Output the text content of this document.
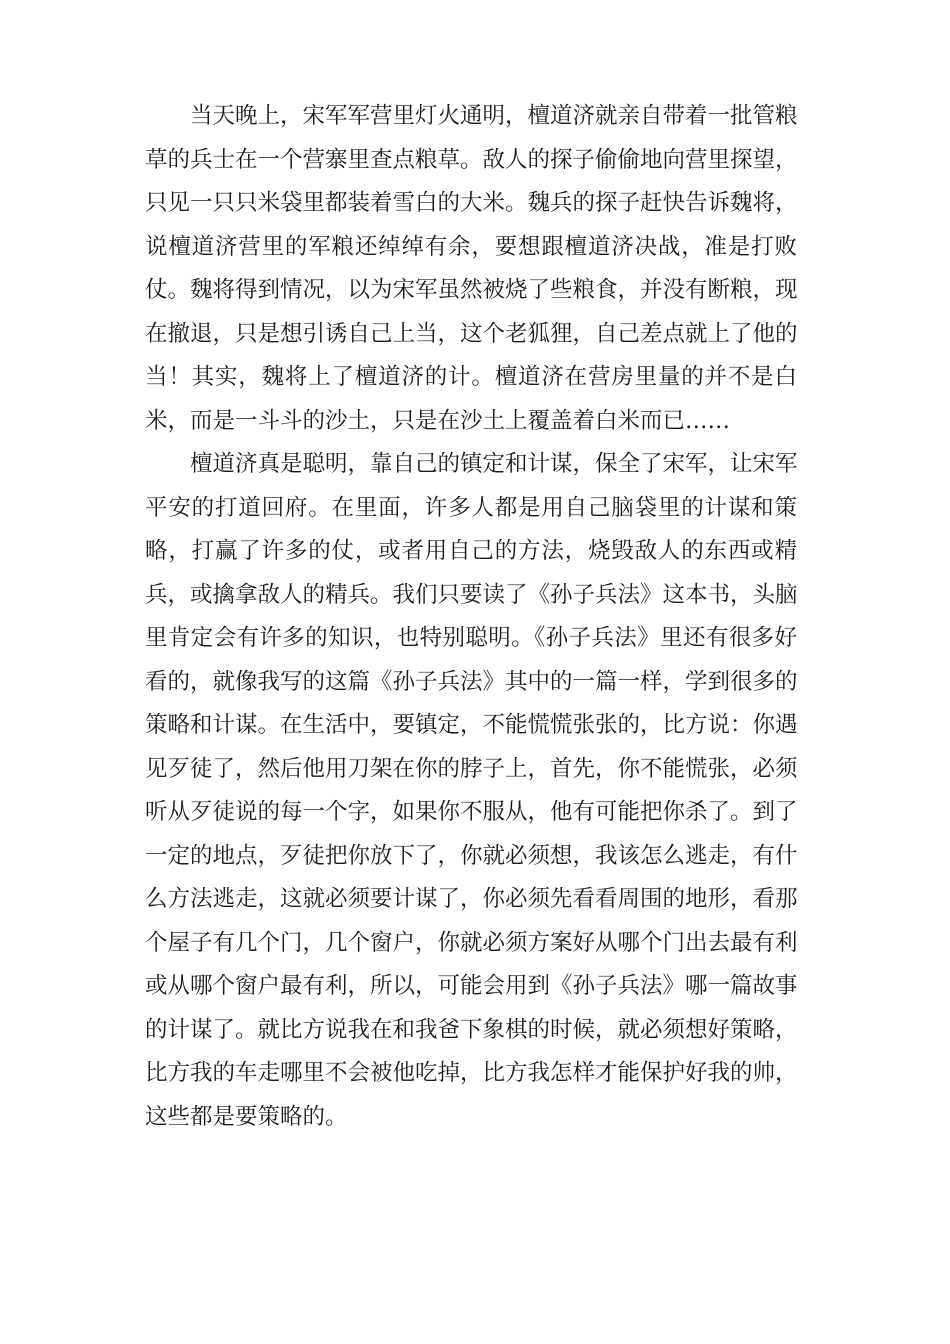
当天晚上，宋军军营里灯火通明，檀道济就亲自带着一批管粮
草的兵士在一个营寨里查点粮草。敌人的探子偷偷地向营里探望，
只见一只只米袋里都装着雪白的大米。魏兵的探子赶快告诉魏将，
说檀道济营里的军粮还绰绰有余，要想跟檀道济决战，准是打败
仗。魏将得到情况，以为宋军虽然被烧了些粮食，并没有断粮，现
在撤退，只是想引诱自己上当，这个老狐狸，自己差点就上了他的
当！其实，魏将上了檀道济的计。檀道济在营房里量的并不是白
米，而是一斗斗的沙土，只是在沙土上覆盖着白米而已……
檀道济真是聪明，靠自己的镇定和计谋，保全了宋军，让宋军
平安的打道回府。在里面，许多人都是用自己脑袋里的计谋和策
略，打赢了许多的仗，或者用自己的方法，烧毁敌人的东西或精
兵，或擒拿敌人的精兵。我们只要读了《孙子兵法》这本书，头脑
里肯定会有许多的知识，也特别聪明。《孙子兵法》里还有很多好
看的，就像我写的这篇《孙子兵法》其中的一篇一样，学到很多的
策略和计谋。在生活中，要镇定，不能慌慌张张的，比方说：你遇
见歹徒了，然后他用刀架在你的脖子上，首先，你不能慌张，必须
听从歹徒说的每一个字，如果你不服从，他有可能把你杀了。到了
一定的地点，歹徒把你放下了，你就必须想，我该怎么逃走，有什
么方法逃走，这就必须要计谋了，你必须先看看周围的地形，看那
个屋子有几个门，几个窗户，你就必须方案好从哪个门出去最有利
或从哪个窗户最有利，所以，可能会用到《孙子兵法》哪一篇故事
的计谋了。就比方说我在和我爸下象棋的时候，就必须想好策略，
比方我的车走哪里不会被他吃掉，比方我怎样才能保护好我的帅，
这些都是要策略的。
